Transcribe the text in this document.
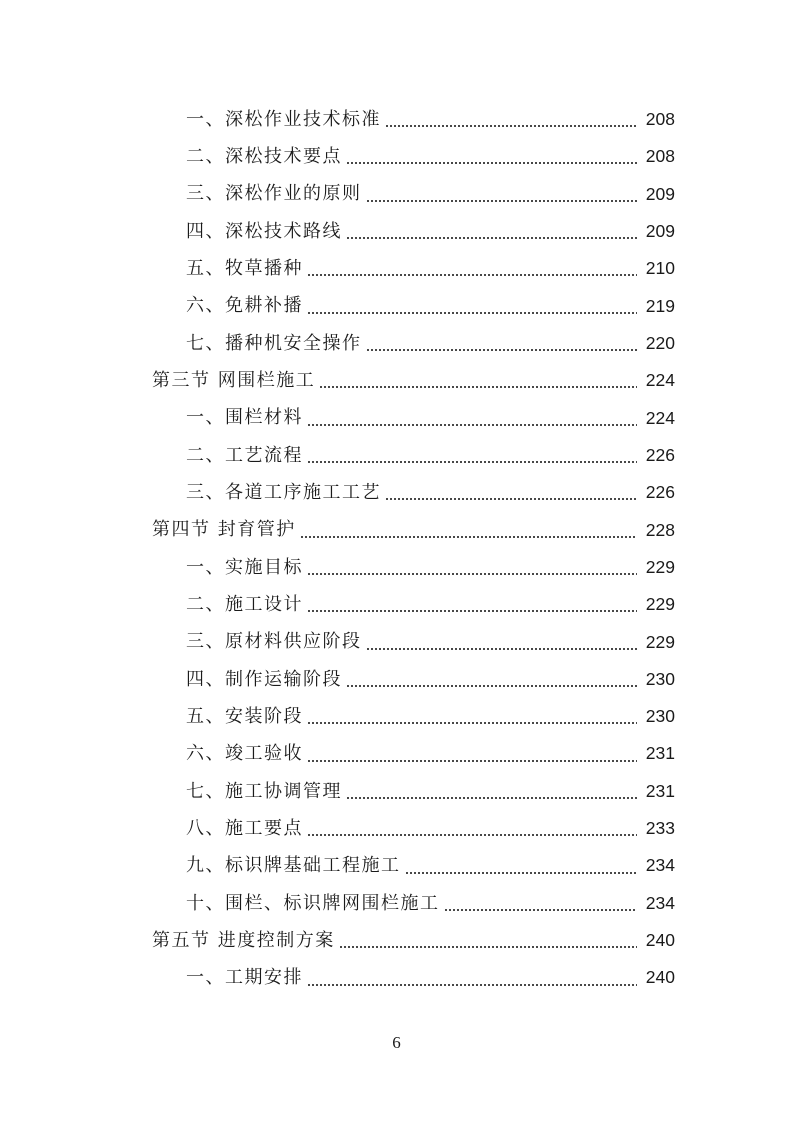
一、深松作业技术标准	208
二、深松技术要点	208
三、深松作业的原则	209
四、深松技术路线	209
五、牧草播种	210
六、免耕补播	219
七、播种机安全操作	220
第三节 网围栏施工	224
一、围栏材料	224
二、工艺流程	226
三、各道工序施工工艺	226
第四节 封育管护	228
一、实施目标	229
二、施工设计	229
三、原材料供应阶段	229
四、制作运输阶段	230
五、安装阶段	230
六、竣工验收	231
七、施工协调管理	231
八、施工要点	233
九、标识牌基础工程施工	234
十、围栏、标识牌网围栏施工	234
第五节 进度控制方案	240
一、工期安排	240
6
